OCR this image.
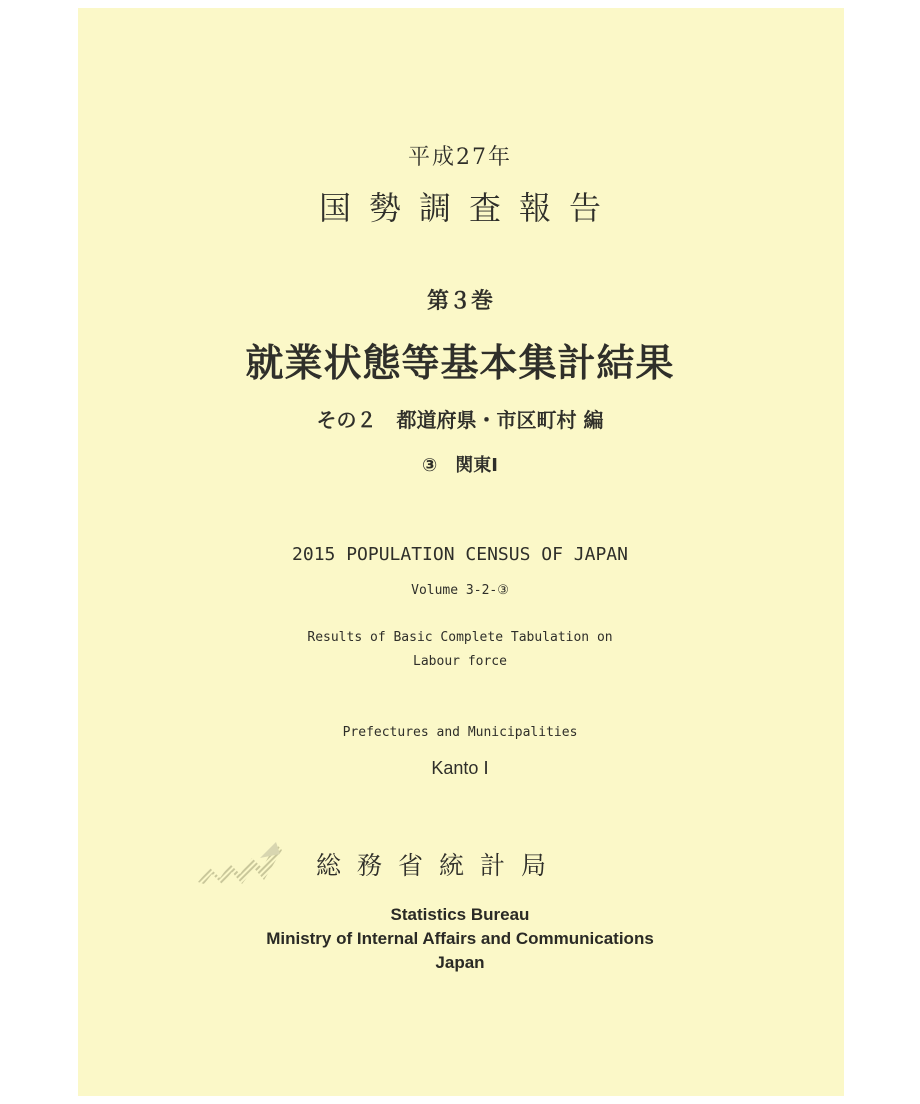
平成27年
国勢調査報告
第３巻
就業状態等基本集計結果
その２　都道府県・市区町村 編
③　関東Ⅰ
2015 POPULATION CENSUS OF JAPAN
Volume 3-2-③
Results of Basic Complete Tabulation on
Labour force
Prefectures and Municipalities
Kanto Ⅰ
総務省統計局
Statistics Bureau
Ministry of Internal Affairs and Communications
Japan
